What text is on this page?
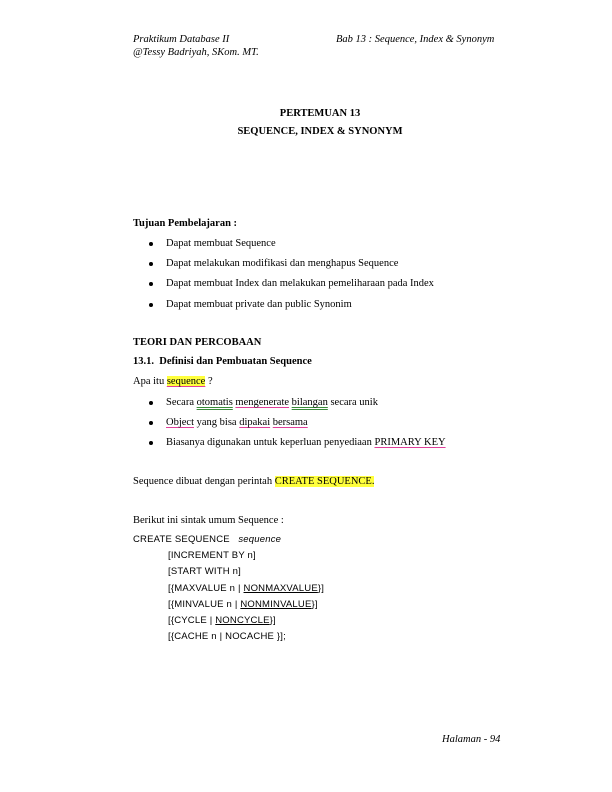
Praktikum Database II
@Tessy Badriyah, SKom. MT.
Bab 13 : Sequence, Index & Synonym
PERTEMUAN 13
SEQUENCE, INDEX & SYNONYM
Tujuan Pembelajaran :
Dapat membuat Sequence
Dapat melakukan modifikasi dan menghapus Sequence
Dapat membuat Index dan melakukan pemeliharaan pada Index
Dapat membuat private dan public Synonim
TEORI DAN PERCOBAAN
13.1. Definisi dan Pembuatan Sequence
Apa itu sequence ?
Secara otomatis mengenerate bilangan secara unik
Object yang bisa dipakai bersama
Biasanya digunakan untuk keperluan penyediaan PRIMARY KEY
Sequence dibuat dengan perintah CREATE SEQUENCE.
Berikut ini sintak umum Sequence :
CREATE SEQUENCE sequence
[INCREMENT BY n]
[START WITH n]
[{MAXVALUE n | NONMAXVALUE}]
[{MINVALUE n | NONMINVALUE}]
[{CYCLE | NONCYCLE}]
[{CACHE n | NOCACHE }];
Halaman - 94
